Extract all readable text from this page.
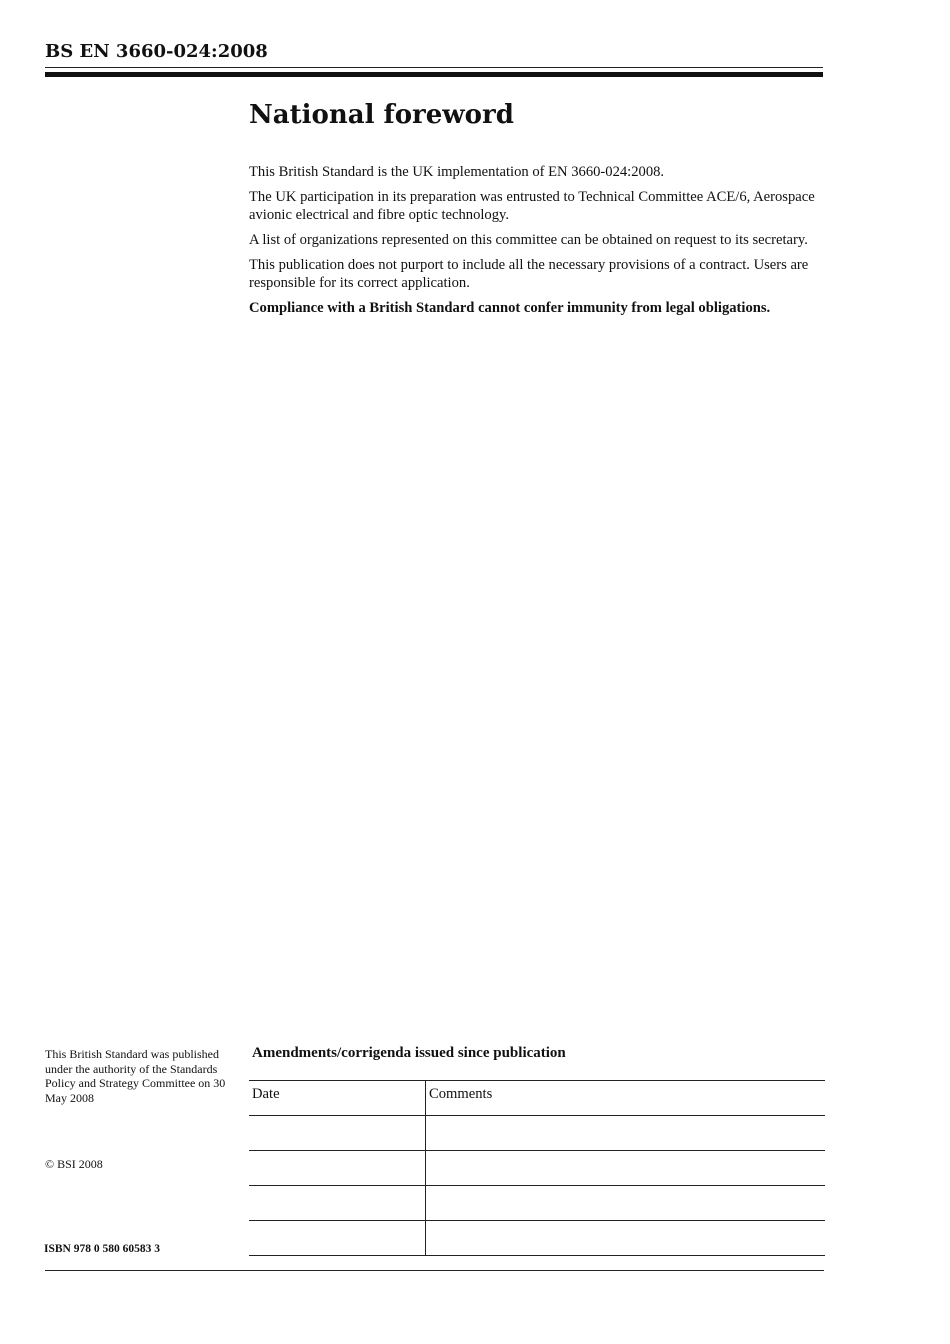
BS EN 3660-024:2008
National foreword

This British Standard is the UK implementation of EN 3660-024:2008.

The UK participation in its preparation was entrusted to Technical Committee ACE/6, Aerospace avionic electrical and fibre optic technology.

A list of organizations represented on this committee can be obtained on request to its secretary.

This publication does not purport to include all the necessary provisions of a contract. Users are responsible for its correct application.

Compliance with a British Standard cannot confer immunity from legal obligations.

This British Standard was published under the authority of the Standards Policy and Strategy Committee on 30 May 2008
© BSI 2008
ISBN 978 0 580 60583 3
Amendments/corrigenda issued since publication
Date	Comments
